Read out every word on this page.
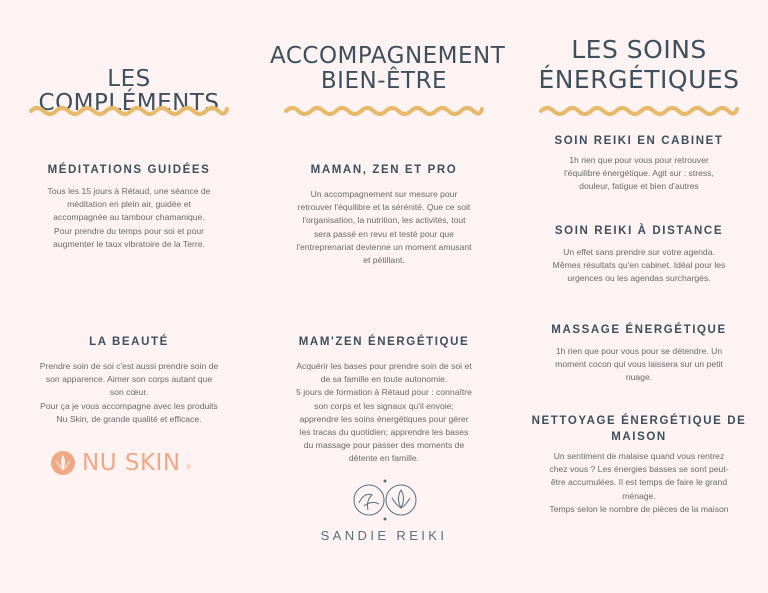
LES COMPLÉMENTS
MÉDITATIONS GUIDÉES
Tous les 15 jours à Rétaud, une séance de
méditation en plein air, guidée et
accompagnée au tambour chamanique.
Pour prendre du temps pour soi et pour
augmenter le taux vibratoire de la Terre.
LA BEAUTÉ
Prendre soin de soi c'est aussi prendre soin de
son apparence. Aimer son corps autant que
son cœur.
Pour ça je vous accompagne avec les produits
Nu Skin, de grande qualité et efficace.
NU SKIN ®
ACCOMPAGNEMENT
BIEN-ÊTRE
MAMAN, ZEN ET PRO
Un accompagnement sur mesure pour
retrouver l'équilibre et la sérénité. Que ce soit
l'organisation, la nutrition, les activités, tout
sera passé en revu et testé pour que
l'entreprenariat devienne un moment amusant
et pétillant.
MAM'ZEN ÉNERGÉTIQUE
Acquérir les bases pour prendre soin de soi et
de sa famille en toute autonomie.
5 jours de formation à Rétaud pour : connaître
son corps et les signaux qu'il envoie;
apprendre les soins énergétiques pour gérer
les tracas du quotidien; apprendre les bases
du massage pour passer des moments de
détente en famille.
SANDIE REIKI
LES SOINS
ÉNERGÉTIQUES
SOIN REIKI EN CABINET
1h rien que pour vous pour retrouver
l'équilibre énergétique. Agit sur : stress,
douleur, fatigue et bien d'autres
SOIN REIKI À DISTANCE
Un effet sans prendre sur votre agenda.
Mêmes résultats qu'en cabinet. Idéal pour les
urgences ou les agendas surchargés.
MASSAGE ÉNERGÉTIQUE
1h rien que pour vous pour se détendre. Un
moment cocon qui vous laissera sur un petit
nuage.
NETTOYAGE ÉNERGÉTIQUE DE
MAISON
Un sentiment de malaise quand vous rentrez
chez vous ? Les énergies basses se sont peut-
être accumulées. Il est temps de faire le grand
ménage.
Temps selon le nombre de pièces de la maison
